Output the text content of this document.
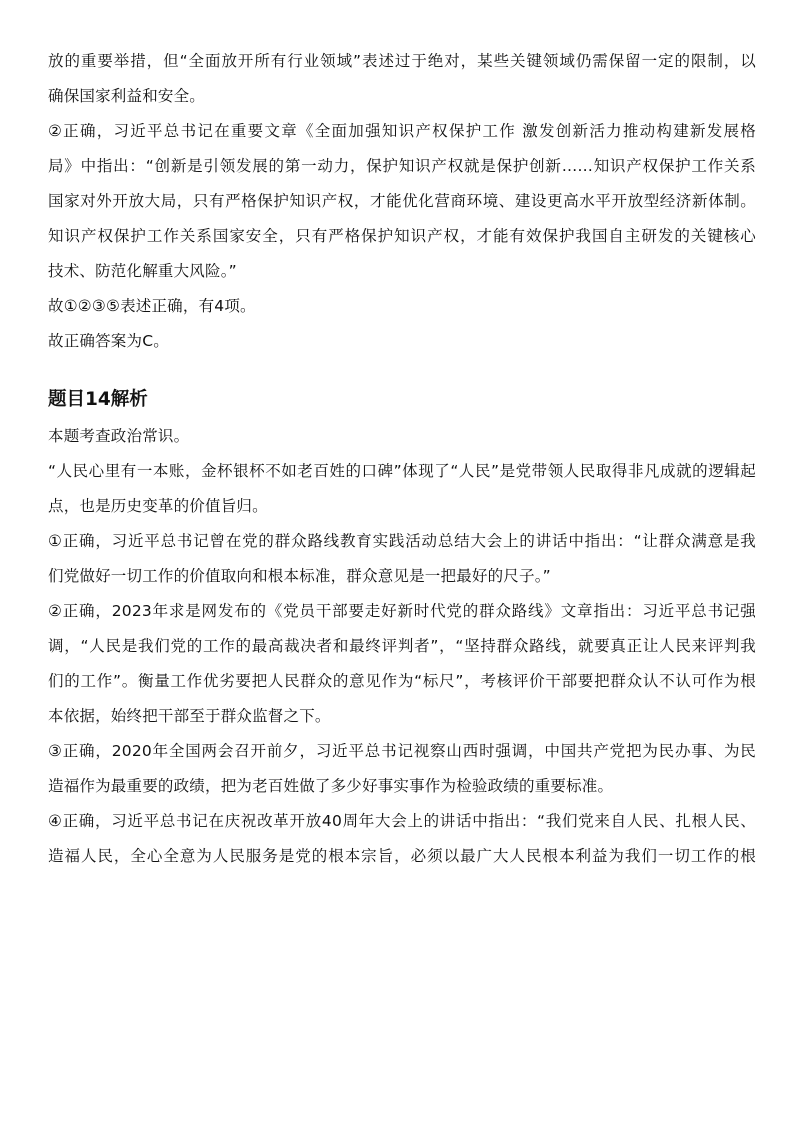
放的重要举措，但“全面放开所有行业领域”表述过于绝对，某些关键领域仍需保留一定的限制，以
确保国家利益和安全。
②正确，习近平总书记在重要文章《全面加强知识产权保护工作 激发创新活力推动构建新发展格
局》中指出：“创新是引领发展的第一动力，保护知识产权就是保护创新……知识产权保护工作关系
国家对外开放大局，只有严格保护知识产权，才能优化营商环境、建设更高水平开放型经济新体制。
知识产权保护工作关系国家安全，只有严格保护知识产权，才能有效保护我国自主研发的关键核心
技术、防范化解重大风险。”
故①②③⑤表述正确，有4项。
故正确答案为C。
题目14解析
本题考查政治常识。
“人民心里有一本账，金杯银杯不如老百姓的口碑”体现了“人民”是党带领人民取得非凡成就的逻辑起
点，也是历史变革的价值旨归。
①正确，习近平总书记曾在党的群众路线教育实践活动总结大会上的讲话中指出：“让群众满意是我
们党做好一切工作的价值取向和根本标准，群众意见是一把最好的尺子。”
②正确，2023年求是网发布的《党员干部要走好新时代党的群众路线》文章指出：习近平总书记强
调，“人民是我们党的工作的最高裁决者和最终评判者”，“坚持群众路线，就要真正让人民来评判我
们的工作”。衡量工作优劣要把人民群众的意见作为“标尺”，考核评价干部要把群众认不认可作为根
本依据，始终把干部至于群众监督之下。
③正确，2020年全国两会召开前夕，习近平总书记视察山西时强调，中国共产党把为民办事、为民
造福作为最重要的政绩，把为老百姓做了多少好事实事作为检验政绩的重要标准。
④正确，习近平总书记在庆祝改革开放40周年大会上的讲话中指出：“我们党来自人民、扎根人民、
造福人民，全心全意为人民服务是党的根本宗旨，必须以最广大人民根本利益为我们一切工作的根
